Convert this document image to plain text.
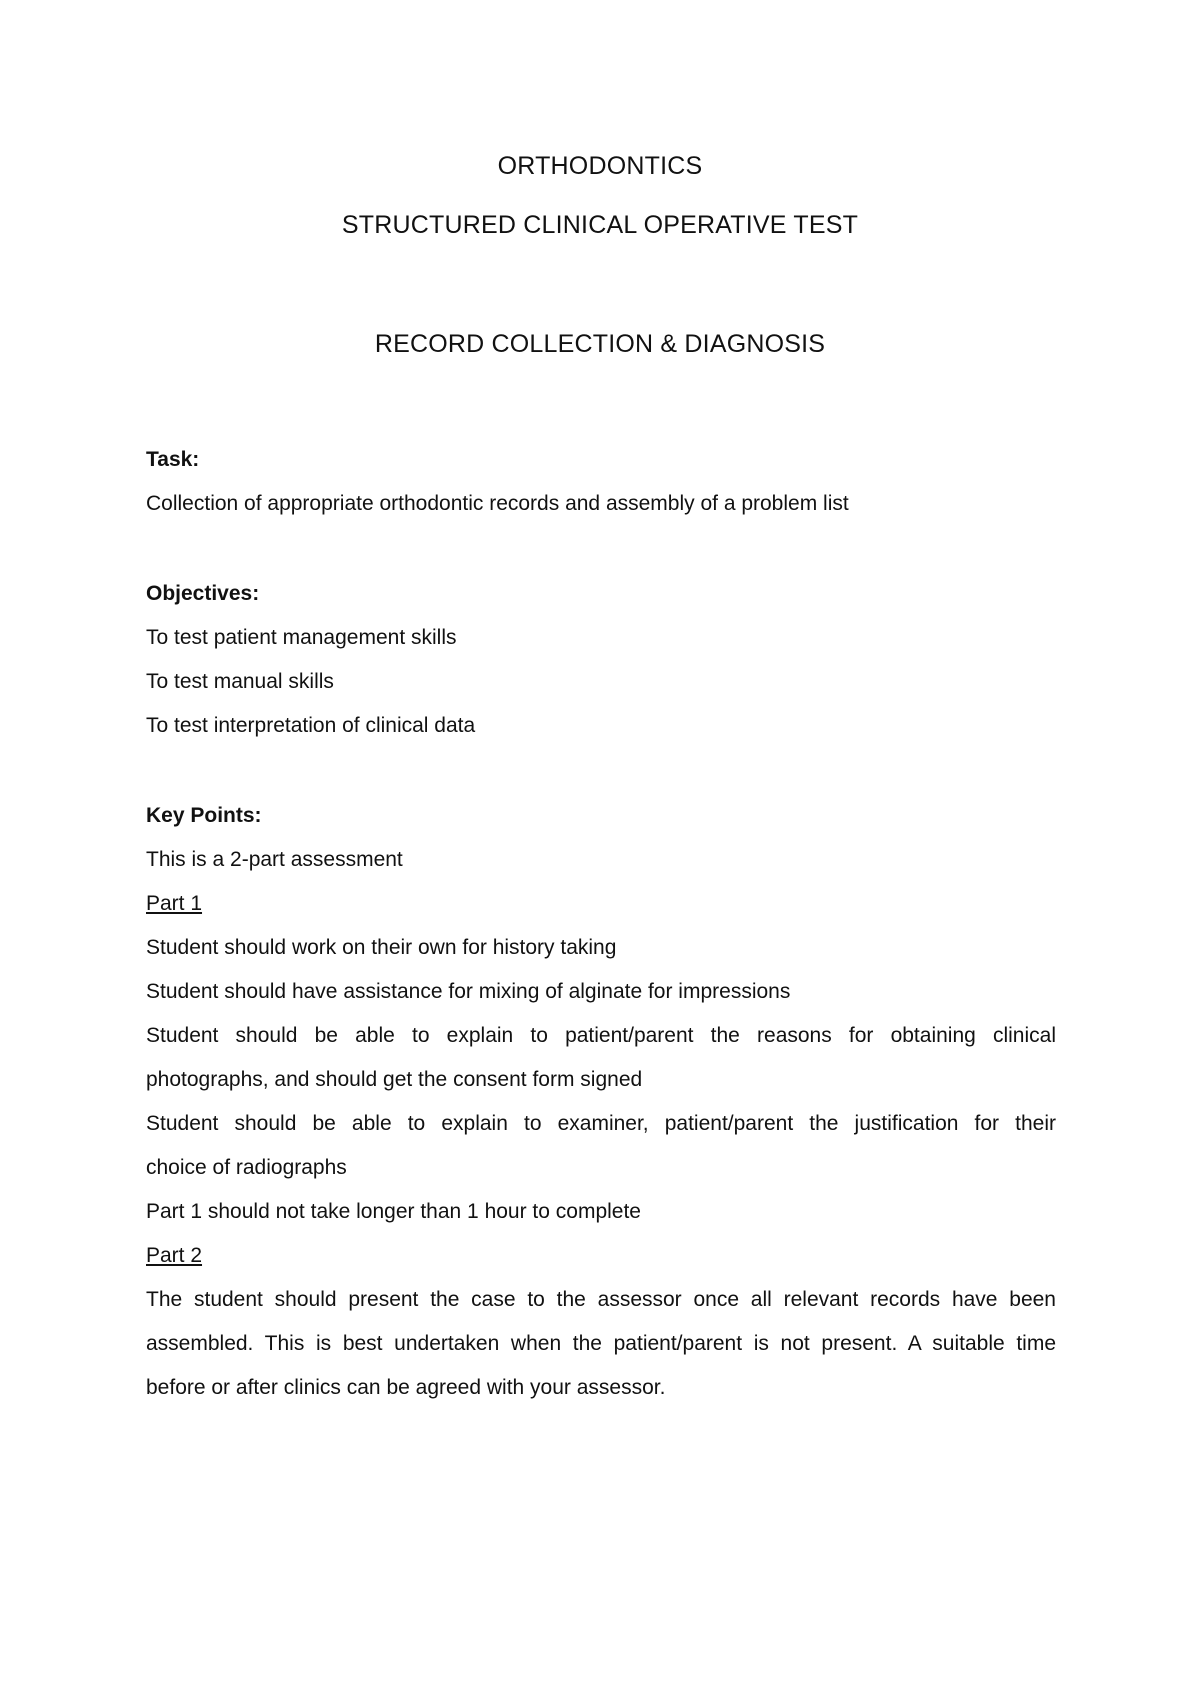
ORTHODONTICS
STRUCTURED CLINICAL OPERATIVE TEST
RECORD COLLECTION & DIAGNOSIS
Task:
Collection of appropriate orthodontic records and assembly of a problem list
Objectives:
To test patient management skills
To test manual skills
To test interpretation of clinical data
Key Points:
This is a 2-part assessment
Part 1
Student should work on their own for history taking
Student should have assistance for mixing of alginate for impressions
Student should be able to explain to patient/parent the reasons for obtaining clinical
photographs, and should get the consent form signed
Student should be able to explain to examiner, patient/parent the justification for their
choice of radiographs
Part 1 should not take longer than 1 hour to complete
Part 2
The student should present the case to the assessor once all relevant records have been
assembled. This is best undertaken when the patient/parent is not present. A suitable time
before or after clinics can be agreed with your assessor.
